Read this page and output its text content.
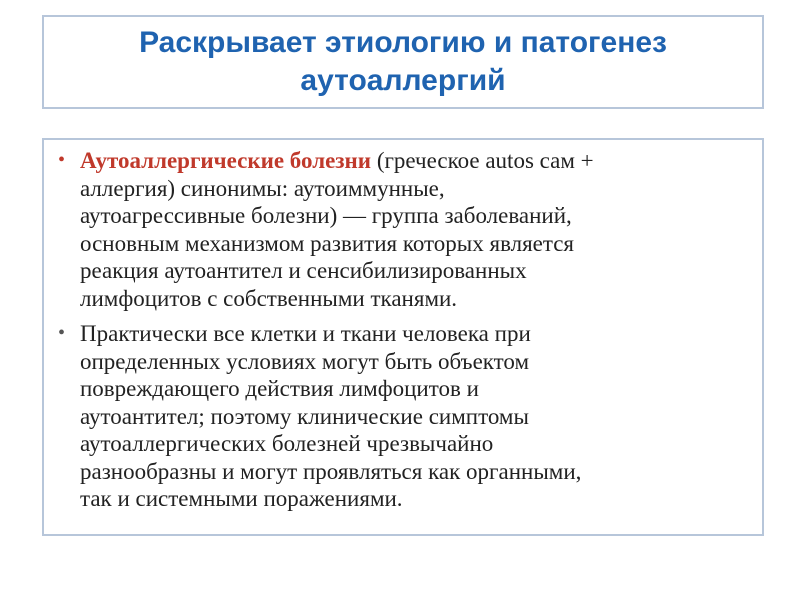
Раскрывает этиологию и патогенез
аутоаллергий
• Аутоаллергические болезни (греческое autos сам +
аллергия) синонимы: аутоиммунные,
аутоагрессивные болезни) — группа заболеваний,
основным механизмом развития которых является
реакция аутоантител и сенсибилизированных
лимфоцитов с собственными тканями.
• Практически все клетки и ткани человека при
определенных условиях могут быть объектом
повреждающего действия лимфоцитов и
аутоантител; поэтому клинические симптомы
аутоаллергических болезней чрезвычайно
разнообразны и могут проявляться как органными,
так и системными поражениями.
